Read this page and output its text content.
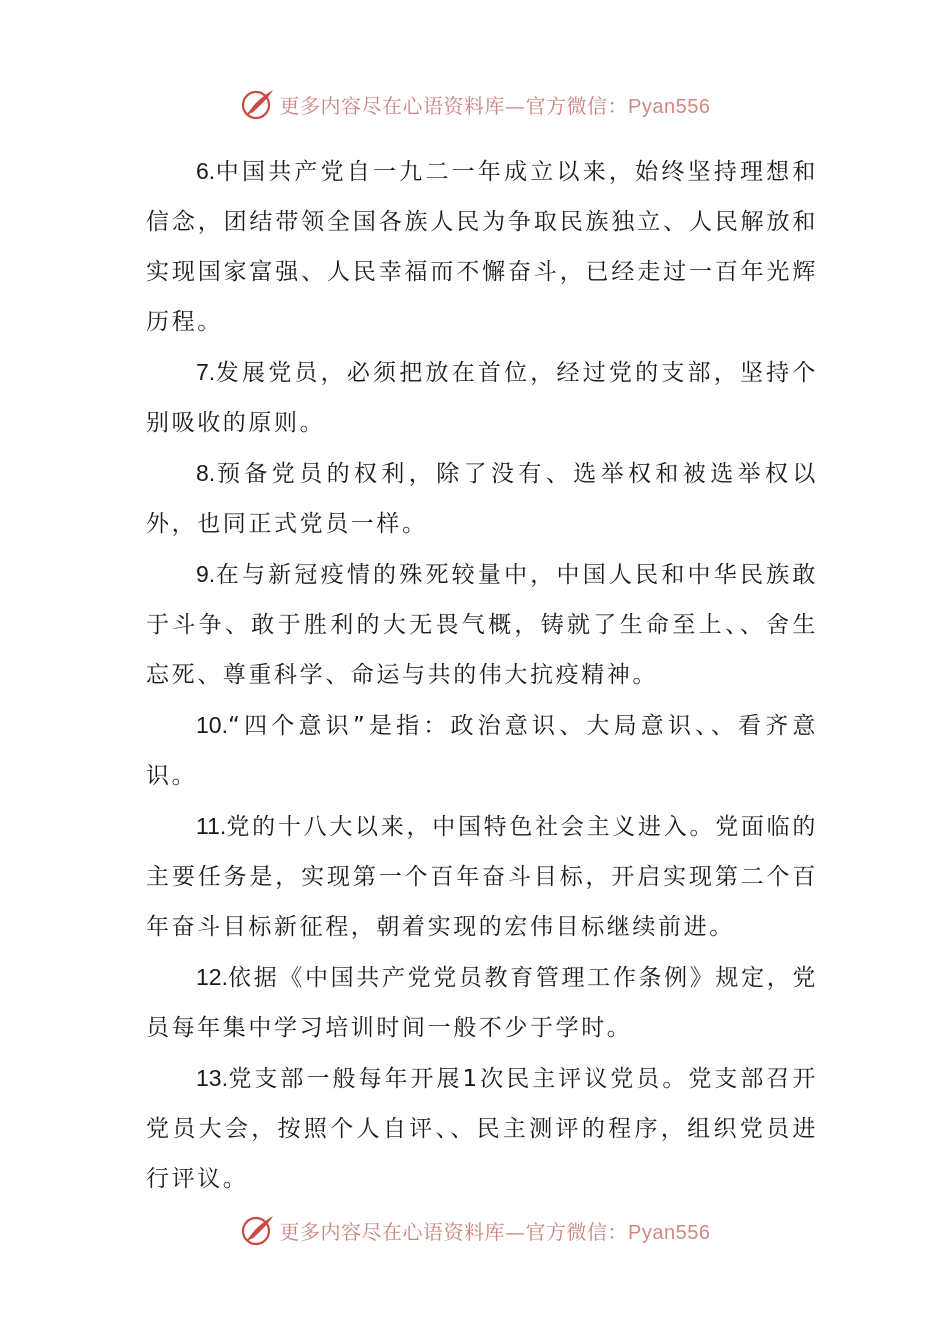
更多内容尽在心语资料库—官方微信：Pyan556

6.中国共产党自一九二一年成立以来，始终坚持理想和信念，团结带领全国各族人民为争取民族独立、人民解放和实现国家富强、人民幸福而不懈奋斗，已经走过一百年光辉历程。

7.发展党员，必须把放在首位，经过党的支部，坚持个别吸收的原则。

8.预备党员的权利，除了没有、选举权和被选举权以外，也同正式党员一样。

9.在与新冠疫情的殊死较量中，中国人民和中华民族敢于斗争、敢于胜利的大无畏气概，铸就了生命至上、、舍生忘死、尊重科学、命运与共的伟大抗疫精神。

10.“四个意识”是指：政治意识、大局意识、、看齐意识。

11.党的十八大以来，中国特色社会主义进入。党面临的主要任务是，实现第一个百年奋斗目标，开启实现第二个百年奋斗目标新征程，朝着实现的宏伟目标继续前进。

12.依据《中国共产党党员教育管理工作条例》规定，党员每年集中学习培训时间一般不少于学时。

13.党支部一般每年开展1次民主评议党员。党支部召开党员大会，按照个人自评、、民主测评的程序，组织党员进行评议。

更多内容尽在心语资料库—官方微信：Pyan556
